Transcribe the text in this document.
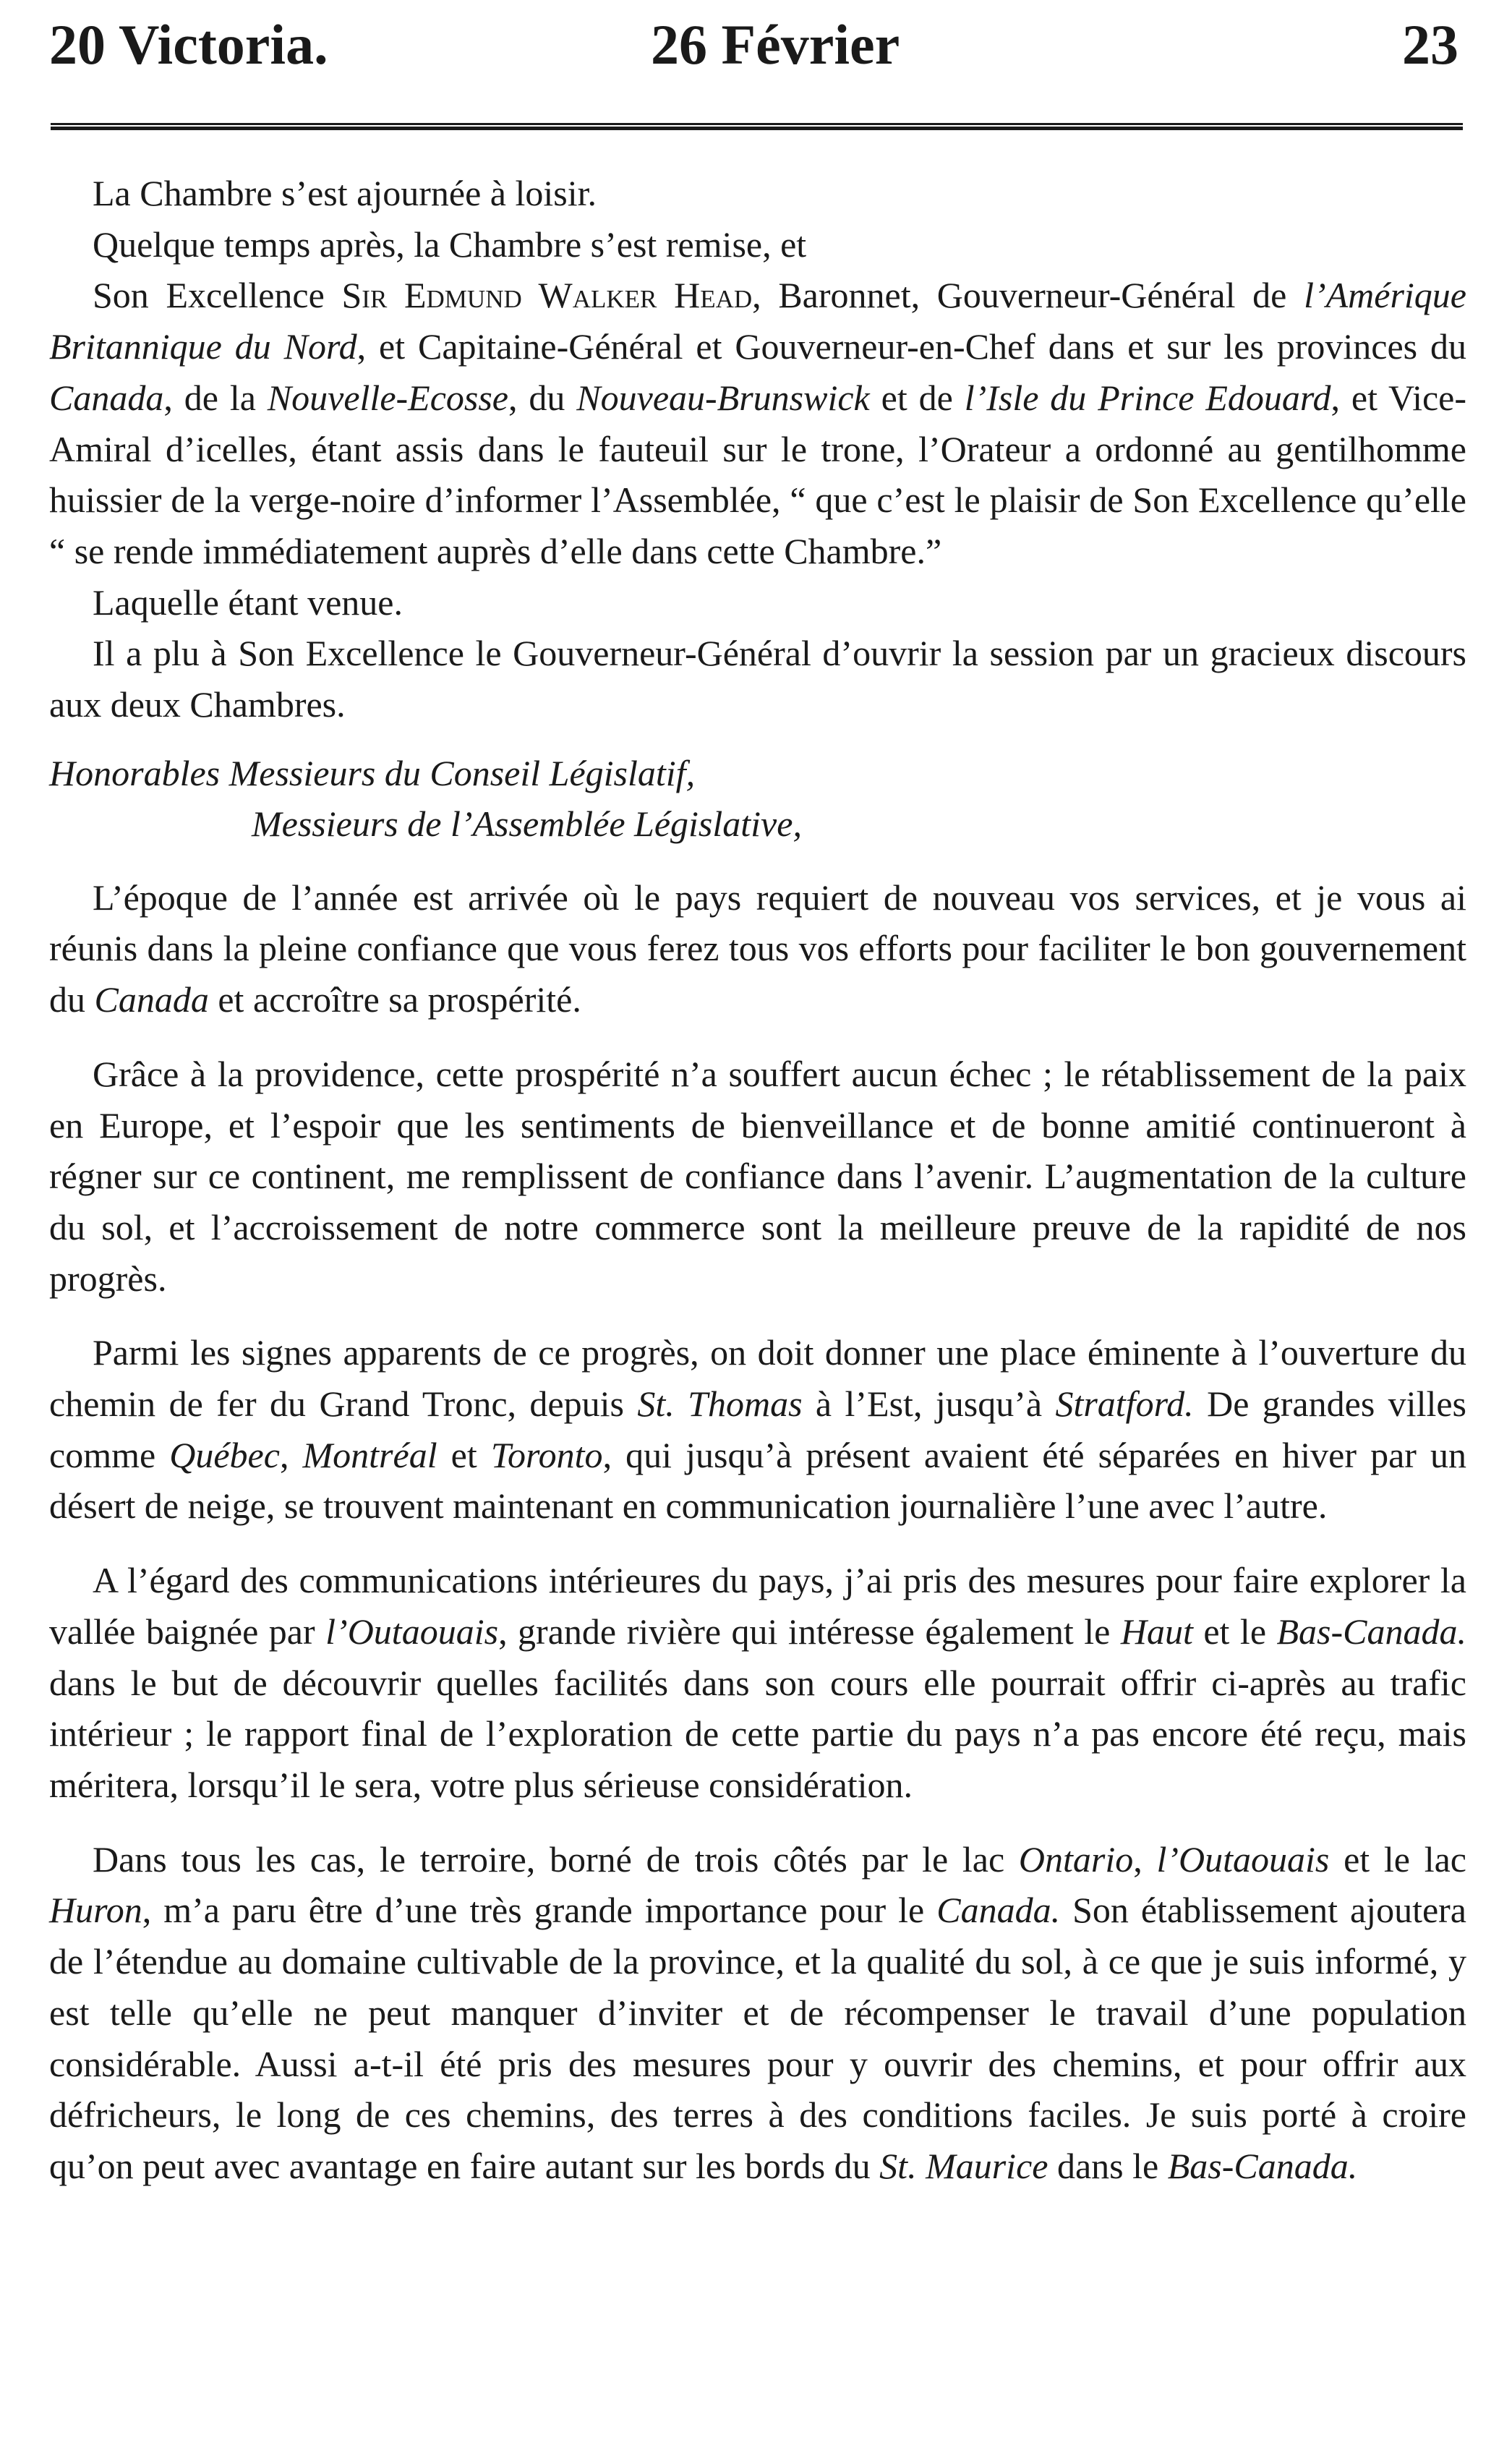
20 Victoria.	26 Février	23

La Chambre s’est ajournée à loisir.

Quelque temps après, la Chambre s’est remise, et

Son Excellence Sir Edmund Walker Head, Baronnet, Gouverneur-Général de l’Amérique Britannique du Nord, et Capitaine-Général et Gouverneur-en-Chef dans et sur les provinces du Canada, de la Nouvelle-Ecosse, du Nouveau-Brunswick et de l’Isle du Prince Edouard, et Vice-Amiral d’icelles, étant assis dans le fauteuil sur le trone, l’Orateur a ordonné au gentilhomme huissier de la verge-noire d’informer l’Assemblée, “ que c’est le plaisir de Son Excellence qu’elle “ se rende immédiatement auprès d’elle dans cette Chambre.”

Laquelle étant venue.

Il a plu à Son Excellence le Gouverneur-Général d’ouvrir la session par un gracieux discours aux deux Chambres.

Honorables Messieurs du Conseil Législatif,
Messieurs de l’Assemblée Législative,

L’époque de l’année est arrivée où le pays requiert de nouveau vos services, et je vous ai réunis dans la pleine confiance que vous ferez tous vos efforts pour faciliter le bon gouvernement du Canada et accroître sa prospérité.

Grâce à la providence, cette prospérité n’a souffert aucun échec ; le rétablissement de la paix en Europe, et l’espoir que les sentiments de bienveillance et de bonne amitié continueront à régner sur ce continent, me remplissent de confiance dans l’avenir. L’augmentation de la culture du sol, et l’accroissement de notre commerce sont la meilleure preuve de la rapidité de nos progrès.

Parmi les signes apparents de ce progrès, on doit donner une place éminente à l’ouverture du chemin de fer du Grand Tronc, depuis St. Thomas à l’Est, jusqu’à Stratford. De grandes villes comme Québec, Montréal et Toronto, qui jusqu’à présent avaient été séparées en hiver par un désert de neige, se trouvent maintenant en communication journalière l’une avec l’autre.

A l’égard des communications intérieures du pays, j’ai pris des mesures pour faire explorer la vallée baignée par l’Outaouais, grande rivière qui intéresse également le Haut et le Bas-Canada. dans le but de découvrir quelles facilités dans son cours elle pourrait offrir ci-après au trafic intérieur ; le rapport final de l’exploration de cette partie du pays n’a pas encore été reçu, mais méritera, lorsqu’il le sera, votre plus sérieuse considération.

Dans tous les cas, le terroire, borné de trois côtés par le lac Ontario, l’Outaouais et le lac Huron, m’a paru être d’une très grande importance pour le Canada. Son établissement ajoutera de l’étendue au domaine cultivable de la province, et la qualité du sol, à ce que je suis informé, y est telle qu’elle ne peut manquer d’inviter et de récompenser le travail d’une population considérable. Aussi a-t-il été pris des mesures pour y ouvrir des chemins, et pour offrir aux défricheurs, le long de ces chemins, des terres à des conditions faciles. Je suis porté à croire qu’on peut avec avantage en faire autant sur les bords du St. Maurice dans le Bas-Canada.
